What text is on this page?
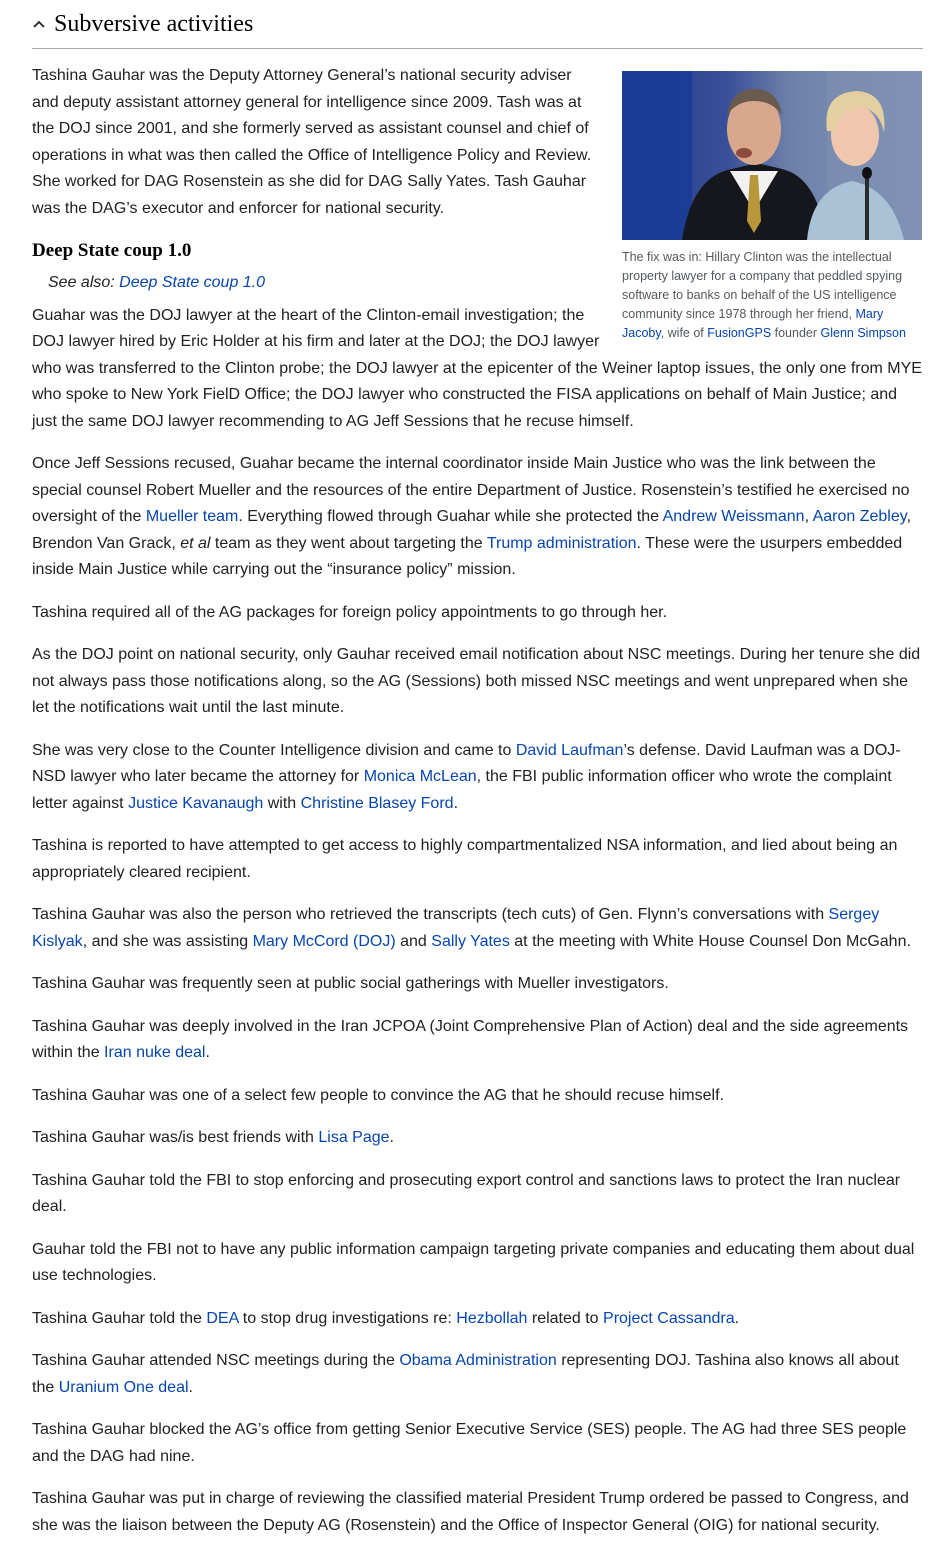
Subversive activities
The fix was in: Hillary Clinton was the intellectual property lawyer for a company that peddled spying software to banks on behalf of the US intelligence community since 1978 through her friend, Mary Jacoby, wife of FusionGPS founder Glenn Simpson

Tashina Gauhar was the Deputy Attorney General’s national security adviser and deputy assistant attorney general for intelligence since 2009. Tash was at the DOJ since 2001, and she formerly served as assistant counsel and chief of operations in what was then called the Office of Intelligence Policy and Review. She worked for DAG Rosenstein as she did for DAG Sally Yates. Tash Gauhar was the DAG’s executor and enforcer for national security.

Deep State coup 1.0
See also: Deep State coup 1.0

Guahar was the DOJ lawyer at the heart of the Clinton-email investigation; the DOJ lawyer hired by Eric Holder at his firm and later at the DOJ; the DOJ lawyer who was transferred to the Clinton probe; the DOJ lawyer at the epicenter of the Weiner laptop issues, the only one from MYE who spoke to New York FielD Office; the DOJ lawyer who constructed the FISA applications on behalf of Main Justice; and just the same DOJ lawyer recommending to AG Jeff Sessions that he recuse himself.

Once Jeff Sessions recused, Guahar became the internal coordinator inside Main Justice who was the link between the special counsel Robert Mueller and the resources of the entire Department of Justice. Rosenstein’s testified he exercised no oversight of the Mueller team. Everything flowed through Guahar while she protected the Andrew Weissmann, Aaron Zebley, Brendon Van Grack, et al team as they went about targeting the Trump administration. These were the usurpers embedded inside Main Justice while carrying out the “insurance policy” mission.

Tashina required all of the AG packages for foreign policy appointments to go through her.

As the DOJ point on national security, only Gauhar received email notification about NSC meetings. During her tenure she did not always pass those notifications along, so the AG (Sessions) both missed NSC meetings and went unprepared when she let the notifications wait until the last minute.

She was very close to the Counter Intelligence division and came to David Laufman’s defense. David Laufman was a DOJ-NSD lawyer who later became the attorney for Monica McLean, the FBI public information officer who wrote the complaint letter against Justice Kavanaugh with Christine Blasey Ford.

Tashina is reported to have attempted to get access to highly compartmentalized NSA information, and lied about being an appropriately cleared recipient.

Tashina Gauhar was also the person who retrieved the transcripts (tech cuts) of Gen. Flynn’s conversations with Sergey Kislyak, and she was assisting Mary McCord (DOJ) and Sally Yates at the meeting with White House Counsel Don McGahn.

Tashina Gauhar was frequently seen at public social gatherings with Mueller investigators.

Tashina Gauhar was deeply involved in the Iran JCPOA (Joint Comprehensive Plan of Action) deal and the side agreements within the Iran nuke deal.

Tashina Gauhar was one of a select few people to convince the AG that he should recuse himself.

Tashina Gauhar was/is best friends with Lisa Page.

Tashina Gauhar told the FBI to stop enforcing and prosecuting export control and sanctions laws to protect the Iran nuclear deal.

Gauhar told the FBI not to have any public information campaign targeting private companies and educating them about dual use technologies.

Tashina Gauhar told the DEA to stop drug investigations re: Hezbollah related to Project Cassandra.

Tashina Gauhar attended NSC meetings during the Obama Administration representing DOJ. Tashina also knows all about the Uranium One deal.

Tashina Gauhar blocked the AG’s office from getting Senior Executive Service (SES) people. The AG had three SES people and the DAG had nine.

Tashina Gauhar was put in charge of reviewing the classified material President Trump ordered be passed to Congress, and she was the liaison between the Deputy AG (Rosenstein) and the Office of Inspector General (OIG) for national security.
